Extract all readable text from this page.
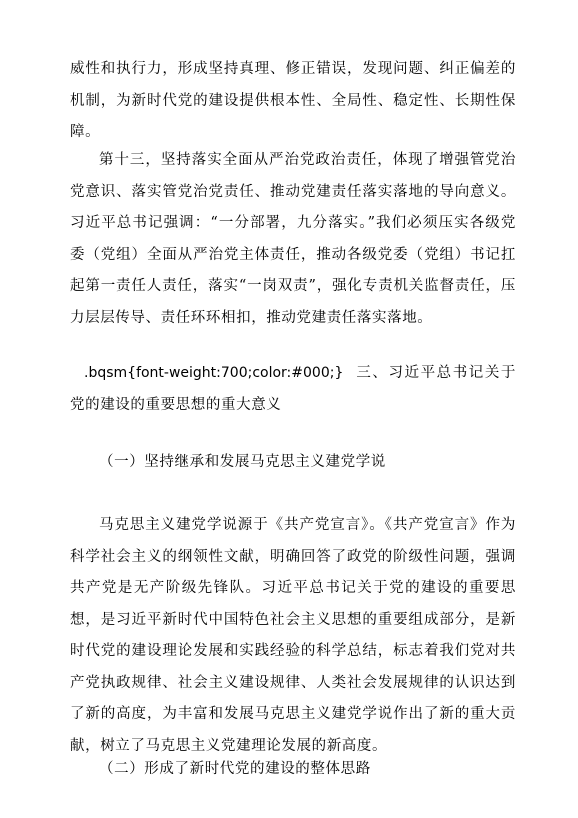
威性和执行力，形成坚持真理、修正错误，发现问题、纠正偏差的机制，为新时代党的建设提供根本性、全局性、稳定性、长期性保障。

第十三，坚持落实全面从严治党政治责任，体现了增强管党治党意识、落实管党治党责任、推动党建责任落实落地的导向意义。习近平总书记强调：“一分部署，九分落实。”我们必须压实各级党委（党组）全面从严治党主体责任，推动各级党委（党组）书记扛起第一责任人责任，落实“一岗双责”，强化专责机关监督责任，压力层层传导、责任环环相扣，推动党建责任落实落地。

.bqsm{font-weight:700;color:#000;} 三、习近平总书记关于党的建设的重要思想的重大意义

（一）坚持继承和发展马克思主义建党学说

马克思主义建党学说源于《共产党宣言》。《共产党宣言》作为科学社会主义的纲领性文献，明确回答了政党的阶级性问题，强调共产党是无产阶级先锋队。习近平总书记关于党的建设的重要思想，是习近平新时代中国特色社会主义思想的重要组成部分，是新时代党的建设理论发展和实践经验的科学总结，标志着我们党对共产党执政规律、社会主义建设规律、人类社会发展规律的认识达到了新的高度，为丰富和发展马克思主义建党学说作出了新的重大贡献，树立了马克思主义党建理论发展的新高度。

（二）形成了新时代党的建设的整体思路
